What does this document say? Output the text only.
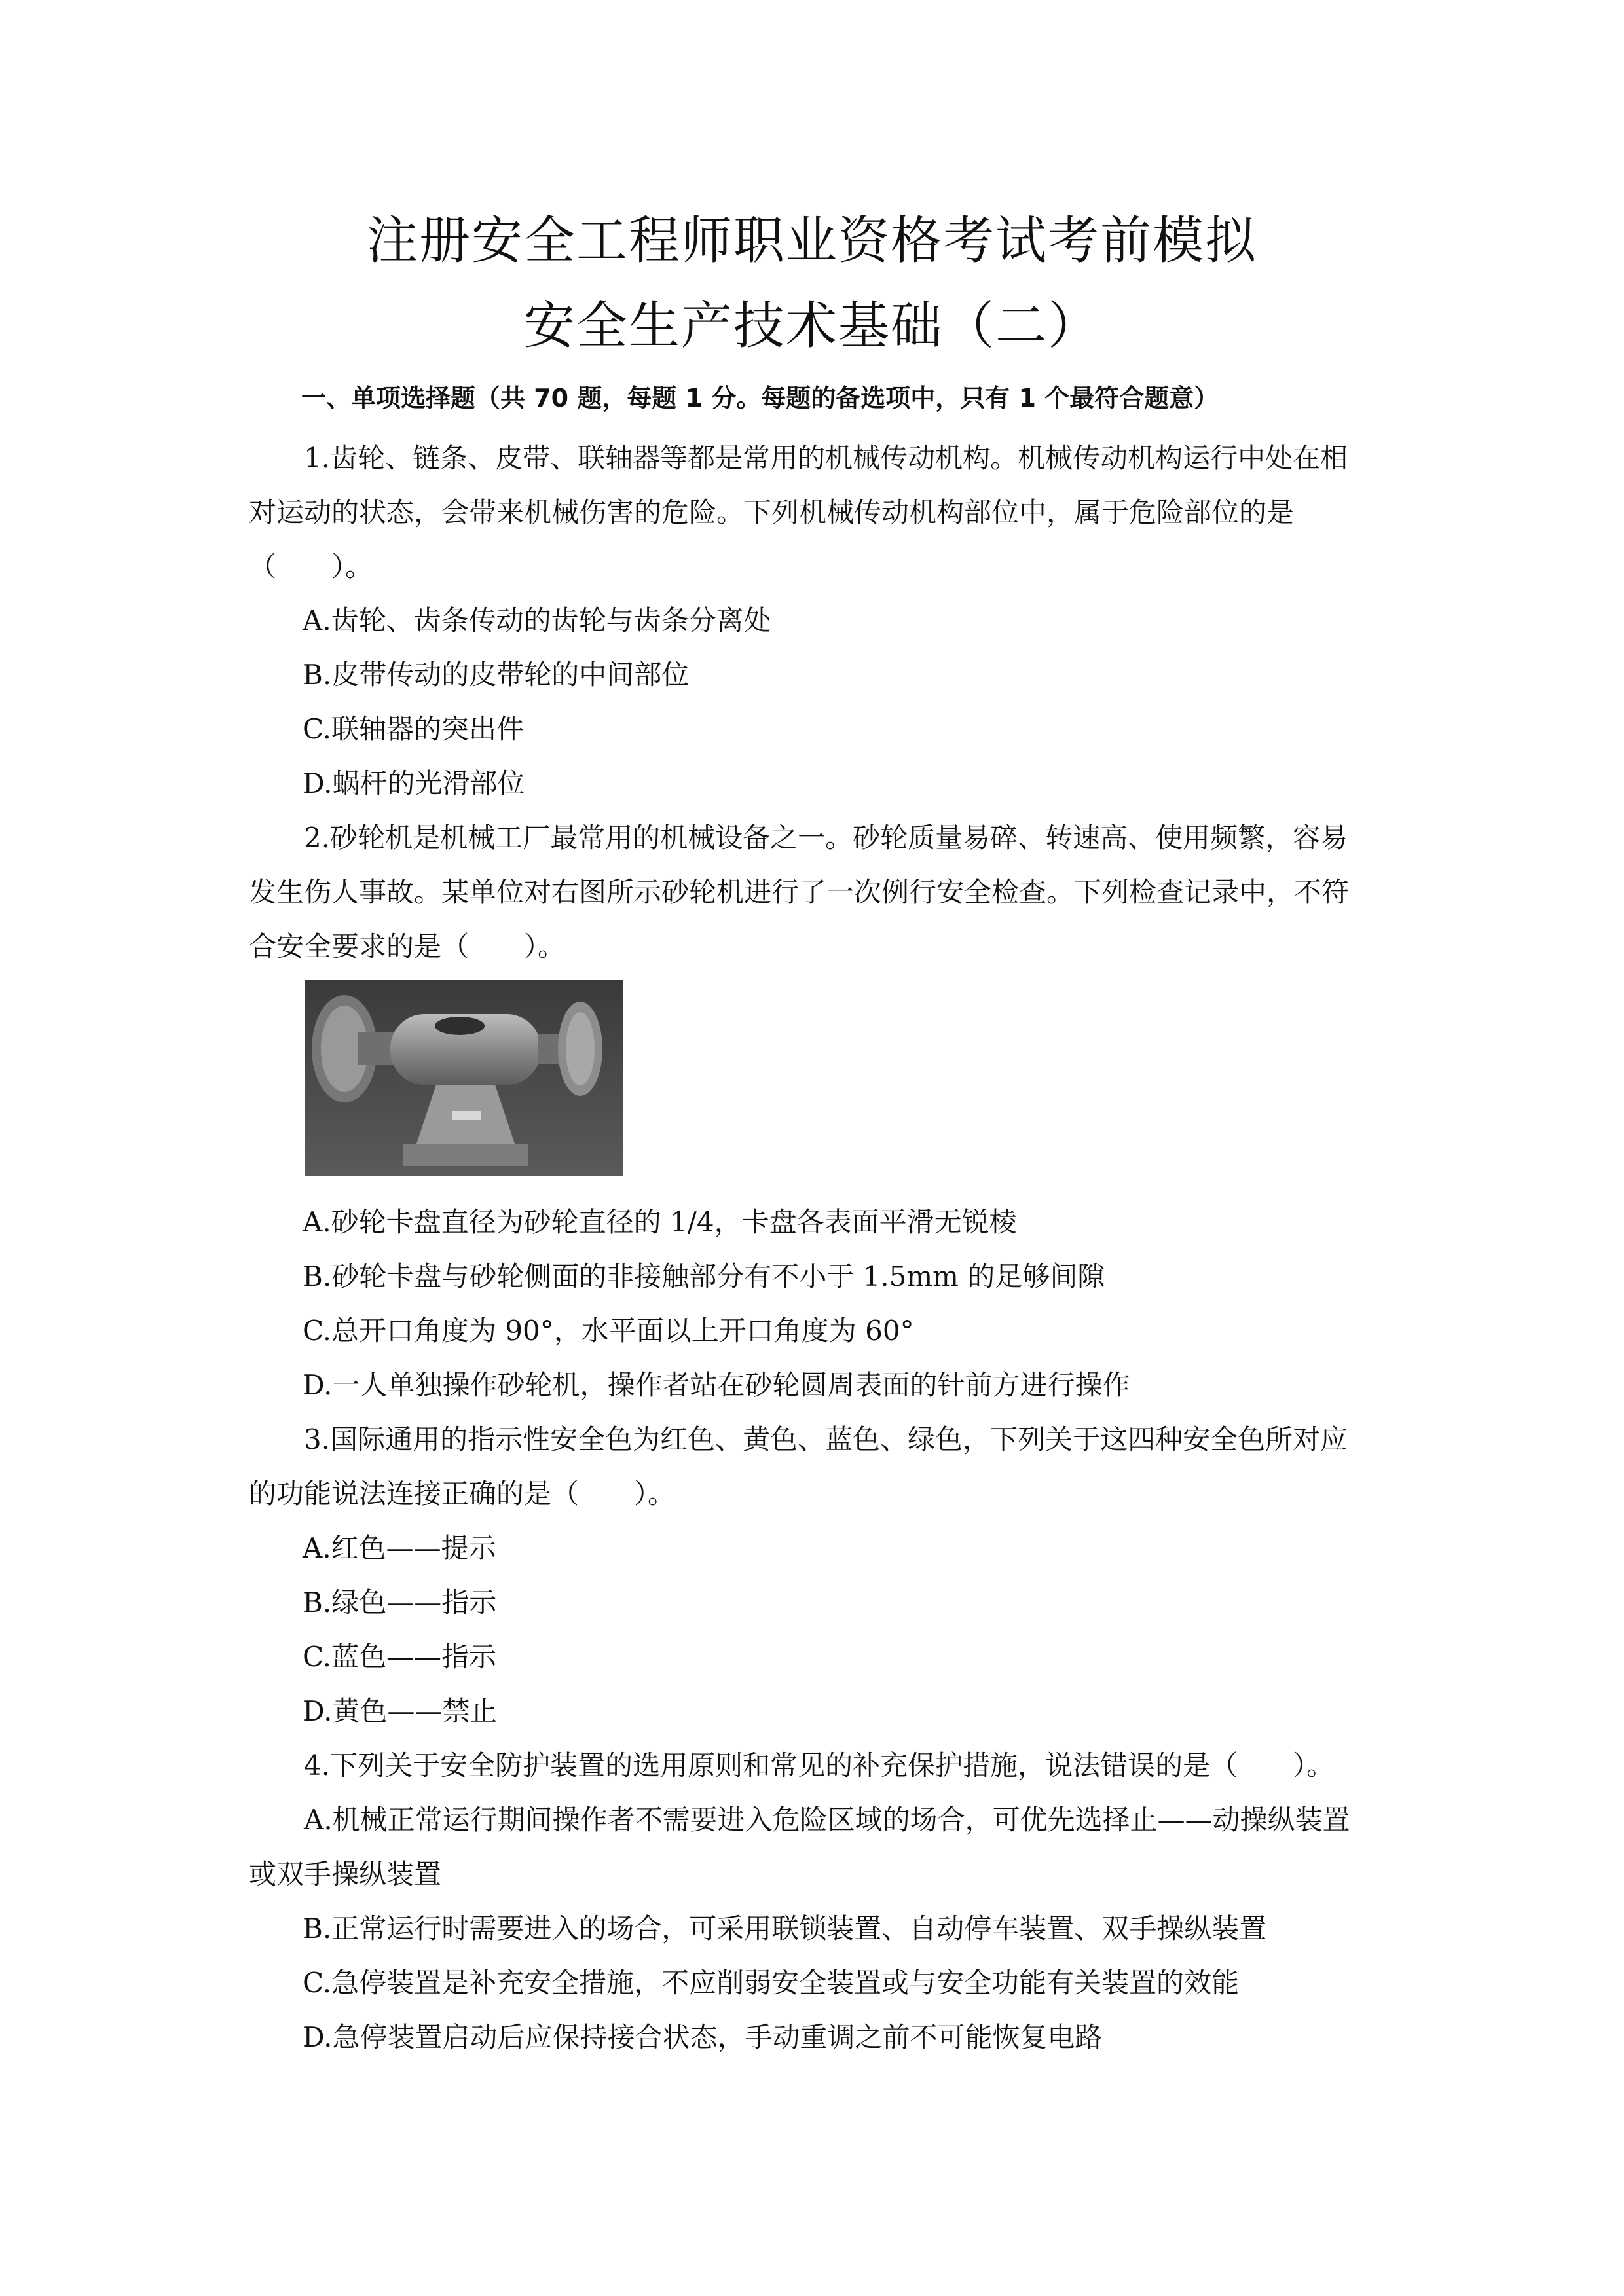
注册安全工程师职业资格考试考前模拟
安全生产技术基础（二）
一、单项选择题（共 70 题，每题 1 分。每题的备选项中，只有 1 个最符合题意）
1.齿轮、链条、皮带、联轴器等都是常用的机械传动机构。机械传动机构运行中处在相对运动的状态，会带来机械伤害的危险。下列机械传动机构部位中，属于危险部位的是（　　）。
A.齿轮、齿条传动的齿轮与齿条分离处
B.皮带传动的皮带轮的中间部位
C.联轴器的突出件
D.蜗杆的光滑部位
2.砂轮机是机械工厂最常用的机械设备之一。砂轮质量易碎、转速高、使用频繁，容易发生伤人事故。某单位对右图所示砂轮机进行了一次例行安全检查。下列检查记录中，不符合安全要求的是（　　）。
A.砂轮卡盘直径为砂轮直径的 1/4，卡盘各表面平滑无锐棱
B.砂轮卡盘与砂轮侧面的非接触部分有不小于 1.5mm 的足够间隙
C.总开口角度为 90°，水平面以上开口角度为 60°
D.一人单独操作砂轮机，操作者站在砂轮圆周表面的针前方进行操作
3.国际通用的指示性安全色为红色、黄色、蓝色、绿色，下列关于这四种安全色所对应的功能说法连接正确的是（　　）。
A.红色——提示
B.绿色——指示
C.蓝色——指示
D.黄色——禁止
4.下列关于安全防护装置的选用原则和常见的补充保护措施，说法错误的是（　　）。
A.机械正常运行期间操作者不需要进入危险区域的场合，可优先选择止——动操纵装置或双手操纵装置
B.正常运行时需要进入的场合，可采用联锁装置、自动停车装置、双手操纵装置
C.急停装置是补充安全措施，不应削弱安全装置或与安全功能有关装置的效能
D.急停装置启动后应保持接合状态，手动重调之前不可能恢复电路
